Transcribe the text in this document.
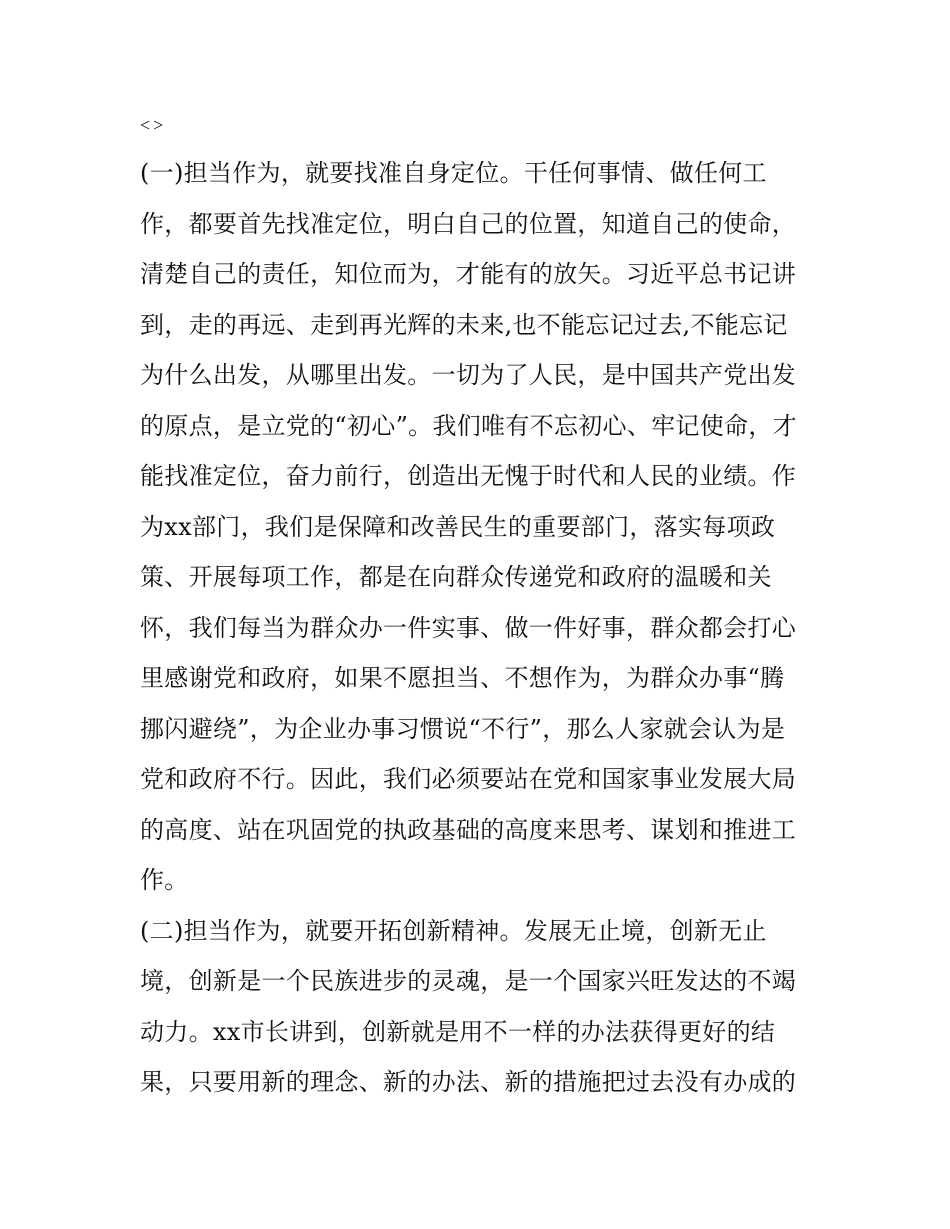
<>

(一)担当作为，就要找准自身定位。干任何事情、做任何工

作，都要首先找准定位，明白自己的位置，知道自己的使命，

清楚自己的责任，知位而为，才能有的放矢。习近平总书记讲

到，走的再远、走到再光辉的未来,也不能忘记过去,不能忘记

为什么出发，从哪里出发。一切为了人民，是中国共产党出发

的原点，是立党的“初心”。我们唯有不忘初心、牢记使命，才

能找准定位，奋力前行，创造出无愧于时代和人民的业绩。作

为xx部门，我们是保障和改善民生的重要部门，落实每项政

策、开展每项工作，都是在向群众传递党和政府的温暖和关

怀，我们每当为群众办一件实事、做一件好事，群众都会打心

里感谢党和政府，如果不愿担当、不想作为，为群众办事“腾

挪闪避绕”，为企业办事习惯说“不行”，那么人家就会认为是

党和政府不行。因此，我们必须要站在党和国家事业发展大局

的高度、站在巩固党的执政基础的高度来思考、谋划和推进工

作。

(二)担当作为，就要开拓创新精神。发展无止境，创新无止

境，创新是一个民族进步的灵魂，是一个国家兴旺发达的不竭

动力。xx市长讲到，创新就是用不一样的办法获得更好的结

果，只要用新的理念、新的办法、新的措施把过去没有办成的
